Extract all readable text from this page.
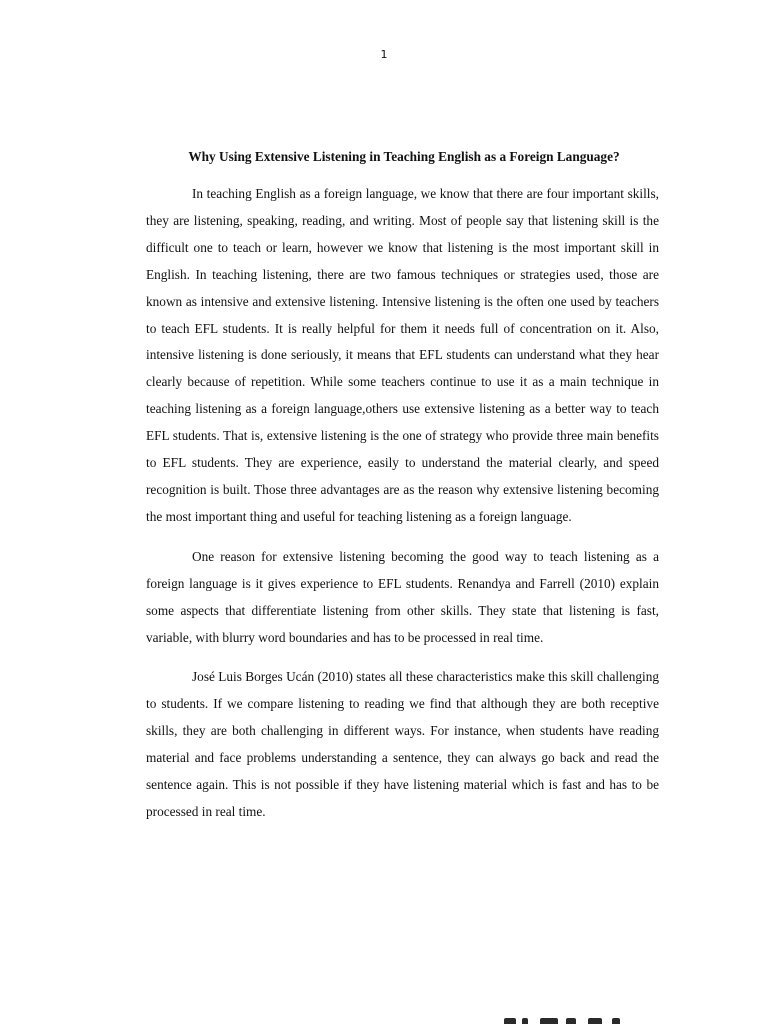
1
Why Using Extensive Listening in Teaching English as a Foreign Language?

In teaching English as a foreign language, we know that there are four important skills, they are listening, speaking, reading, and writing. Most of people say that listening skill is the difficult one to teach or learn, however we know that listening is the most important skill in English. In teaching listening, there are two famous techniques or strategies used, those are known as intensive and extensive listening. Intensive listening is the often one used by teachers to teach EFL students. It is really helpful for them it needs full of concentration on it. Also, intensive listening is done seriously, it means that EFL students can understand what they hear clearly because of repetition. While some teachers continue to use it as a main technique in teaching listening as a foreign language,others use extensive listening as a better way to teach EFL students. That is, extensive listening is the one of strategy who provide three main benefits to EFL students. They are experience, easily to understand the material clearly, and speed recognition is built. Those three advantages are as the reason why extensive listening becoming the most important thing and useful for teaching listening as a foreign language.

One reason for extensive listening becoming the good way to teach listening as a foreign language is it gives experience to EFL students. Renandya and Farrell (2010) explain some aspects that differentiate listening from other skills. They state that listening is fast, variable, with blurry word boundaries and has to be processed in real time.

José Luis Borges Ucán (2010) states all these characteristics make this skill challenging to students. If we compare listening to reading we find that although they are both receptive skills, they are both challenging in different ways. For instance, when students have reading material and face problems understanding a sentence, they can always go back and read the sentence again. This is not possible if they have listening material which is fast and has to be processed in real time.
